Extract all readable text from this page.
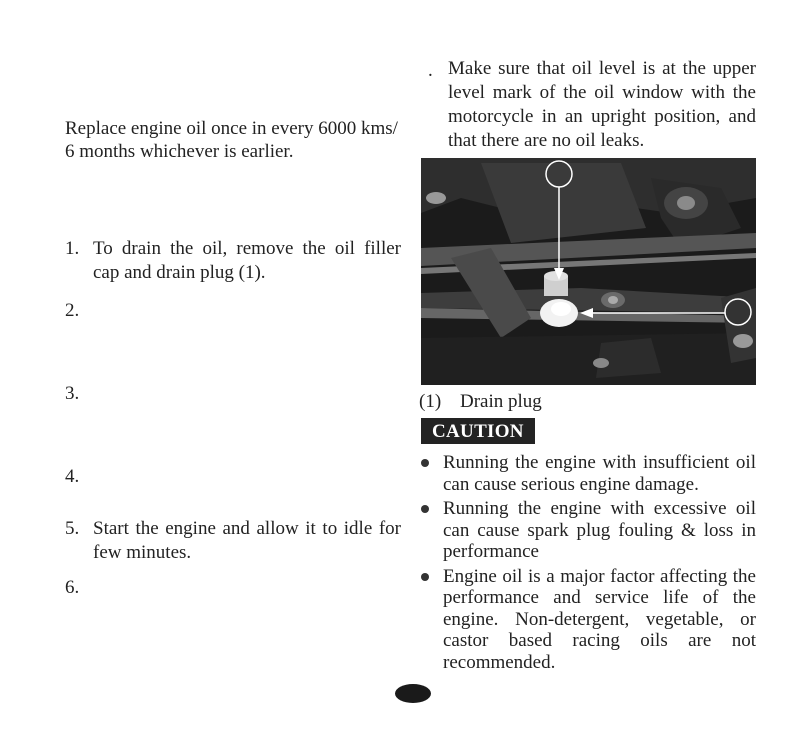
Replace engine oil once in every 6000 kms/
6 months whichever is earlier.
1. To drain the oil, remove the oil filler cap and drain plug (1).
2.
3.
4.
5. Start the engine and allow it to idle for few minutes.
6.
. Make sure that oil level is at the upper level mark of the oil window with the motorcycle in an upright position, and that there are no oil leaks.
(1) Drain plug
CAUTION
Running the engine with insufficient oil can cause serious engine damage.
Running the engine with excessive oil can cause spark plug fouling & loss in performance
Engine oil is a major factor affecting the performance and service life of the engine. Non-detergent, vegetable, or castor based racing oils are not recommended.
